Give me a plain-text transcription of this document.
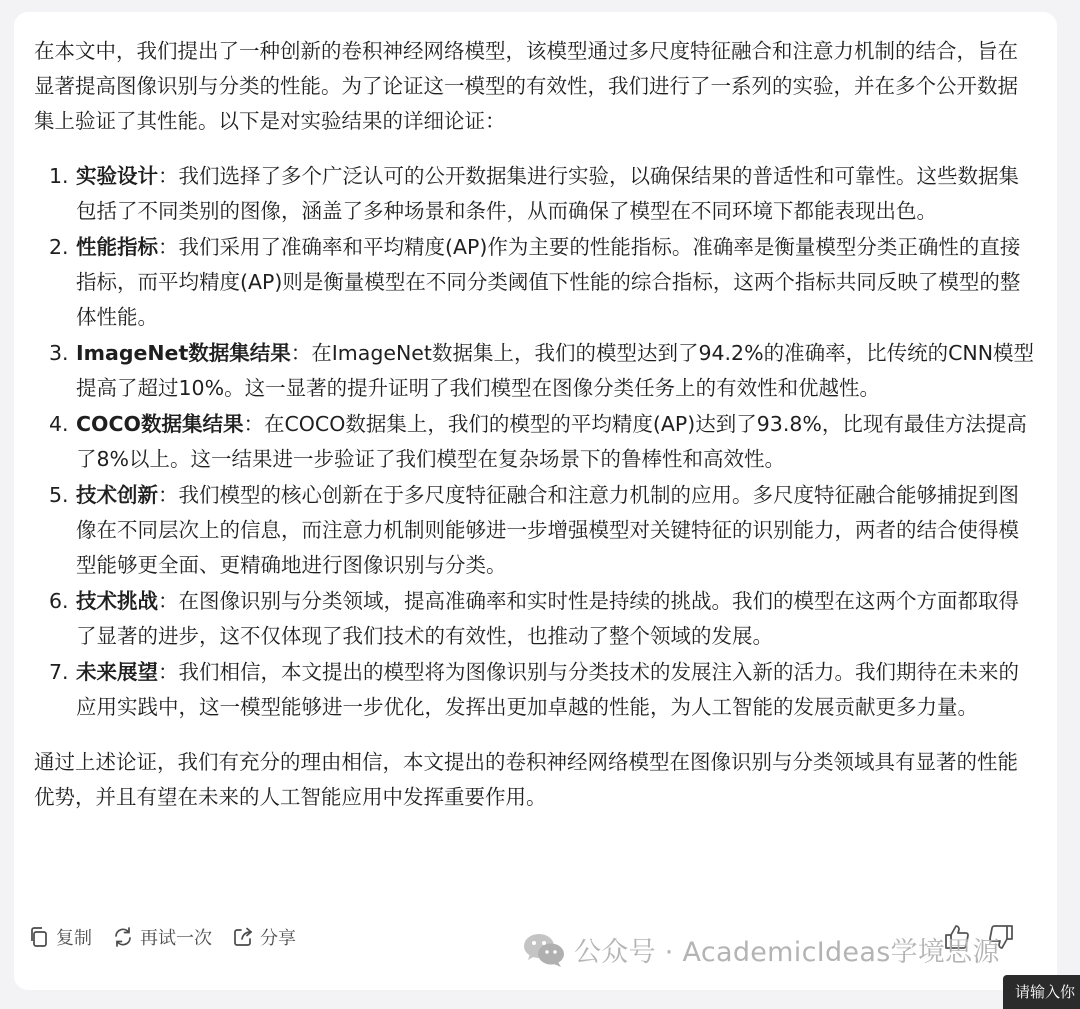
在本文中，我们提出了一种创新的卷积神经网络模型，该模型通过多尺度特征融合和注意力机制的结合，旨在显著提高图像识别与分类的性能。为了论证这一模型的有效性，我们进行了一系列的实验，并在多个公开数据集上验证了其性能。以下是对实验结果的详细论证：

1. 实验设计：我们选择了多个广泛认可的公开数据集进行实验，以确保结果的普适性和可靠性。这些数据集包括了不同类别的图像，涵盖了多种场景和条件，从而确保了模型在不同环境下都能表现出色。
2. 性能指标：我们采用了准确率和平均精度(AP)作为主要的性能指标。准确率是衡量模型分类正确性的直接指标，而平均精度(AP)则是衡量模型在不同分类阈值下性能的综合指标，这两个指标共同反映了模型的整体性能。
3. ImageNet数据集结果：在ImageNet数据集上，我们的模型达到了94.2%的准确率，比传统的CNN模型提高了超过10%。这一显著的提升证明了我们模型在图像分类任务上的有效性和优越性。
4. COCO数据集结果：在COCO数据集上，我们的模型的平均精度(AP)达到了93.8%，比现有最佳方法提高了8%以上。这一结果进一步验证了我们模型在复杂场景下的鲁棒性和高效性。
5. 技术创新：我们模型的核心创新在于多尺度特征融合和注意力机制的应用。多尺度特征融合能够捕捉到图像在不同层次上的信息，而注意力机制则能够进一步增强模型对关键特征的识别能力，两者的结合使得模型能够更全面、更精确地进行图像识别与分类。
6. 技术挑战：在图像识别与分类领域，提高准确率和实时性是持续的挑战。我们的模型在这两个方面都取得了显著的进步，这不仅体现了我们技术的有效性，也推动了整个领域的发展。
7. 未来展望：我们相信，本文提出的模型将为图像识别与分类技术的发展注入新的活力。我们期待在未来的应用实践中，这一模型能够进一步优化，发挥出更加卓越的性能，为人工智能的发展贡献更多力量。

通过上述论证，我们有充分的理由相信，本文提出的卷积神经网络模型在图像识别与分类领域具有显著的性能优势，并且有望在未来的人工智能应用中发挥重要作用。

复制	再试一次	分享	公众号 · AcademicIdeas学境思源
请输入你
